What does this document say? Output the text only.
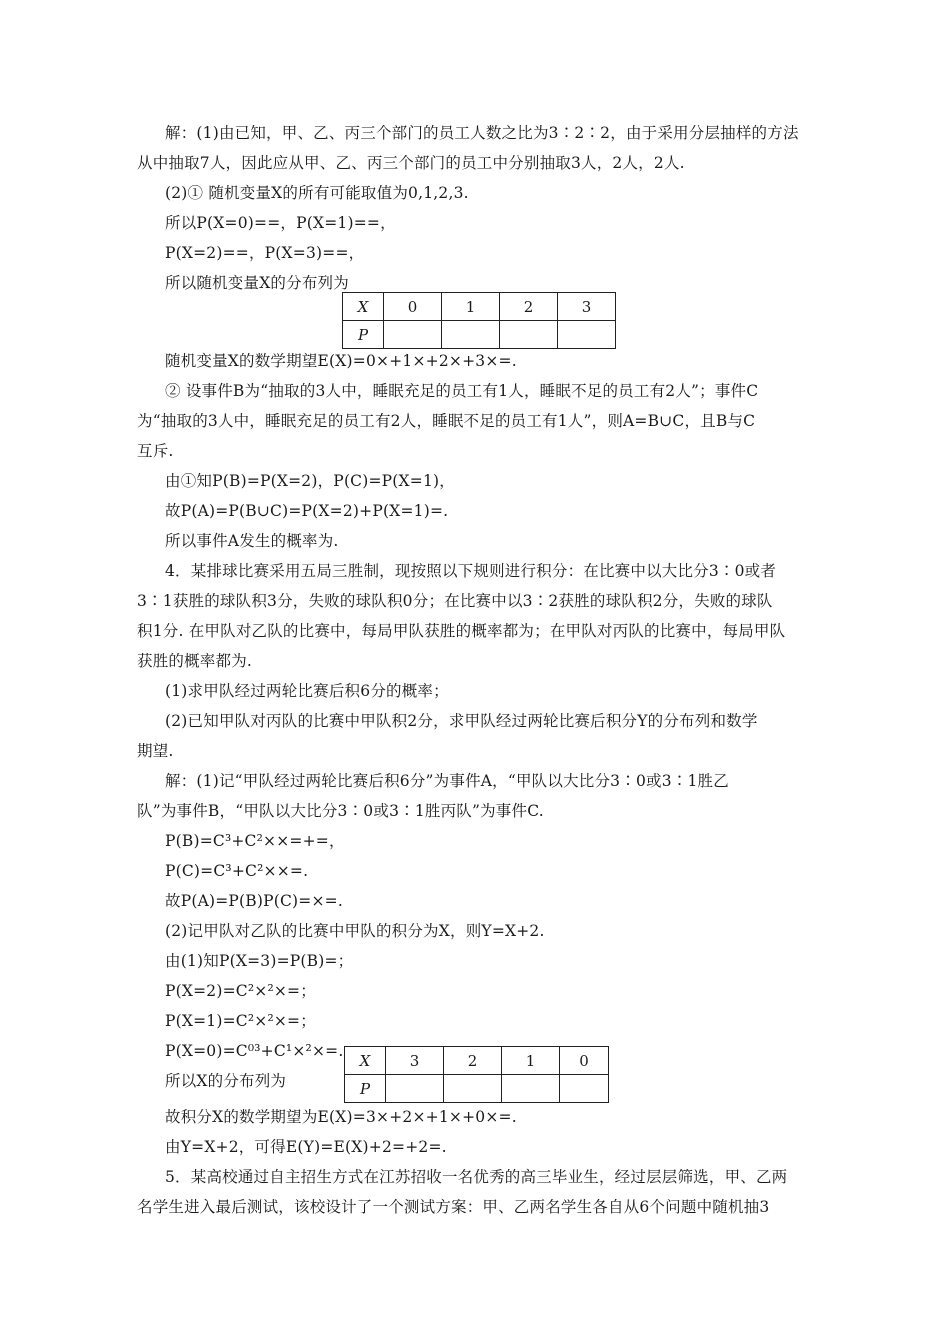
解：(1)由已知，甲、乙、丙三个部门的员工人数之比为3∶2∶2，由于采用分层抽样的方法
从中抽取7人，因此应从甲、乙、丙三个部门的员工中分别抽取3人，2人，2人.
(2)① 随机变量X的所有可能取值为0,1,2,3.
所以P(X=0)==，P(X=1)==，
P(X=2)==，P(X=3)==，
所以随机变量X的分布列为
X	0	1	2	3
P				
随机变量X的数学期望E(X)=0×+1×+2×+3×=.
② 设事件B为“抽取的3人中，睡眠充足的员工有1人，睡眠不足的员工有2人”；事件C
为“抽取的3人中，睡眠充足的员工有2人，睡眠不足的员工有1人”，则A=B∪C，且B与C
互斥.
由①知P(B)=P(X=2)，P(C)=P(X=1)，
故P(A)=P(B∪C)=P(X=2)+P(X=1)=.
所以事件A发生的概率为.
4．某排球比赛采用五局三胜制，现按照以下规则进行积分：在比赛中以大比分3∶0或者
3∶1获胜的球队积3分，失败的球队积0分；在比赛中以3∶2获胜的球队积2分，失败的球队
积1分. 在甲队对乙队的比赛中，每局甲队获胜的概率都为；在甲队对丙队的比赛中，每局甲队
获胜的概率都为.
(1)求甲队经过两轮比赛后积6分的概率；
(2)已知甲队对丙队的比赛中甲队积2分，求甲队经过两轮比赛后积分Y的分布列和数学
期望.
解：(1)记“甲队经过两轮比赛后积6分”为事件A，“甲队以大比分3∶0或3∶1胜乙
队”为事件B，“甲队以大比分3∶0或3∶1胜丙队”为事件C.
P(B)=C³+C²××=+=，
P(C)=C³+C²××=.
故P(A)=P(B)P(C)=×=.
(2)记甲队对乙队的比赛中甲队的积分为X，则Y=X+2.
由(1)知P(X=3)=P(B)=；
P(X=2)=C²×²×=；
P(X=1)=C²×²×=；
P(X=0)=C⁰³+C¹×²×=.
所以X的分布列为
X	3	2	1	0
P				
故积分X的数学期望为E(X)=3×+2×+1×+0×=.
由Y=X+2，可得E(Y)=E(X)+2=+2=.
5．某高校通过自主招生方式在江苏招收一名优秀的高三毕业生，经过层层筛选，甲、乙两
名学生进入最后测试，该校设计了一个测试方案：甲、乙两名学生各自从6个问题中随机抽3
